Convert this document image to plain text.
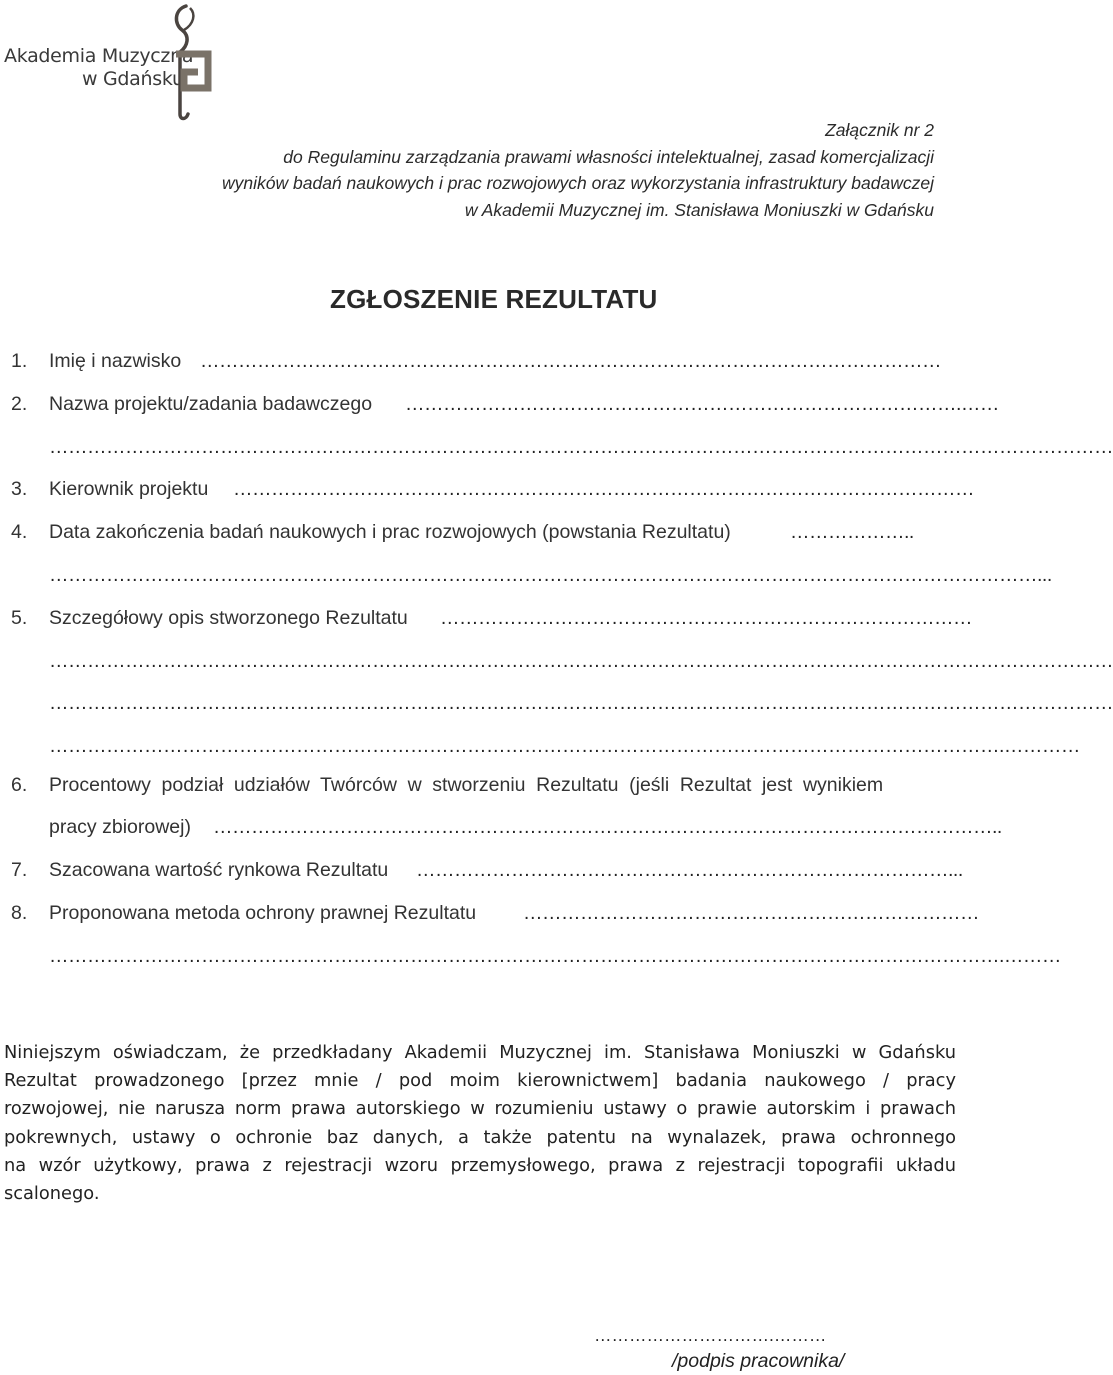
Akademia Muzyczna
w Gdańsku
Załącznik nr 2
do Regulaminu zarządzania prawami własności intelektualnej, zasad komercjalizacji
wyników badań naukowych i prac rozwojowych oraz wykorzystania infrastruktury badawczej
w Akademii Muzycznej im. Stanisława Moniuszki w Gdańsku
ZGŁOSZENIE REZULTATU
1. Imię i nazwisko ………………………………………………………………………………………………………
2. Nazwa projektu/zadania badawczego …………………………………………………………………………….……
……………………………………………………………………………………………………………………………………………………
3. Kierownik projektu ………………………………………………………………………………………………………
4. Data zakończenia badań naukowych i prac rozwojowych (powstania Rezultatu)	………………..
…………………………………………………………………………………………………………………………………………...
5. Szczegółowy opis stworzonego Rezultatu …………………………………………………………………………
……………………………………………………………………………………………………………………………………………………
……………………………………………………………………………………………………………………………………………………
…………………………………………………………………………………………………………………………………….…………
6. Procentowy podział udziałów Twórców w stworzeniu Rezultatu (jeśli Rezultat jest wynikiem
pracy zbiorowej) ……………………………………………………………………………………………………………..
7. Szacowana wartość rynkowa Rezultatu …………………………………………………………………………...
8. Proponowana metoda ochrony prawnej Rezultatu ………………………………………………………………
…………………………………………………………………………………………………………………………………….………
Niniejszym oświadczam, że przedkładany Akademii Muzycznej im. Stanisława Moniuszki w Gdańsku
Rezultat prowadzonego [przez mnie / pod moim kierownictwem] badania naukowego / pracy
rozwojowej, nie narusza norm prawa autorskiego w rozumieniu ustawy o prawie autorskim i prawach
pokrewnych, ustawy o ochronie baz danych, a także patentu na wynalazek, prawa ochronnego
na wzór użytkowy, prawa z rejestracji wzoru przemysłowego, prawa z rejestracji topografii układu
scalonego.
………………………….………
/podpis pracownika/
